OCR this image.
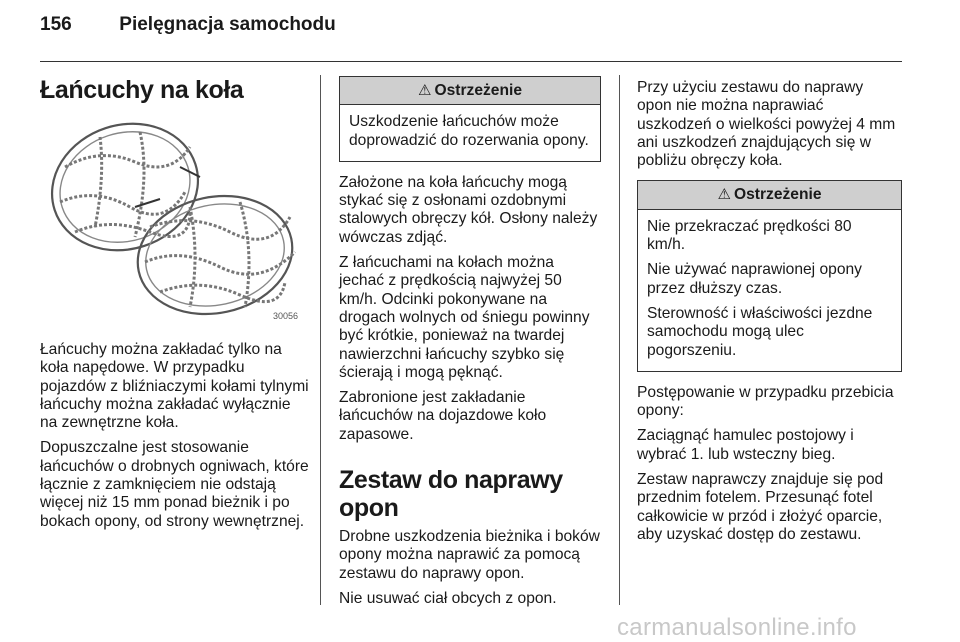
156	Pielęgnacja samochodu
Łańcuchy na koła
30056

Łańcuchy można zakładać tylko na koła napędowe. W przypadku pojazdów z bliźniaczymi kołami tylnymi łańcuchy można zakładać wyłącznie na zewnętrzne koła.

Dopuszczalne jest stosowanie łańcuchów o drobnych ogniwach, które łącznie z zamknięciem nie odstają więcej niż 15 mm ponad bieżnik i po bokach opony, od strony wewnętrznej.

⚠ Ostrzeżenie

Uszkodzenie łańcuchów może doprowadzić do rozerwania opony.

Założone na koła łańcuchy mogą stykać się z osłonami ozdobnymi stalowych obręczy kół. Osłony należy wówczas zdjąć.

Z łańcuchami na kołach można jechać z prędkością najwyżej 50 km/h. Odcinki pokonywane na drogach wolnych od śniegu powinny być krótkie, ponieważ na twardej nawierzchni łańcuchy szybko się ścierają i mogą pęknąć.

Zabronione jest zakładanie łańcuchów na dojazdowe koło zapasowe.

Zestaw do naprawy opon

Drobne uszkodzenia bieżnika i boków opony można naprawić za pomocą zestawu do naprawy opon.

Nie usuwać ciał obcych z opon.

Przy użyciu zestawu do naprawy opon nie można naprawiać uszkodzeń o wielkości powyżej 4 mm ani uszkodzeń znajdujących się w pobliżu obręczy koła.

⚠ Ostrzeżenie

Nie przekraczać prędkości 80 km/h.

Nie używać naprawionej opony przez dłuższy czas.

Sterowność i właściwości jezdne samochodu mogą ulec pogorszeniu.

Postępowanie w przypadku przebicia opony:

Zaciągnąć hamulec postojowy i wybrać 1. lub wsteczny bieg.

Zestaw naprawczy znajduje się pod przednim fotelem. Przesunąć fotel całkowicie w przód i złożyć oparcie, aby uzyskać dostęp do zestawu.

carmanualsonline.info
